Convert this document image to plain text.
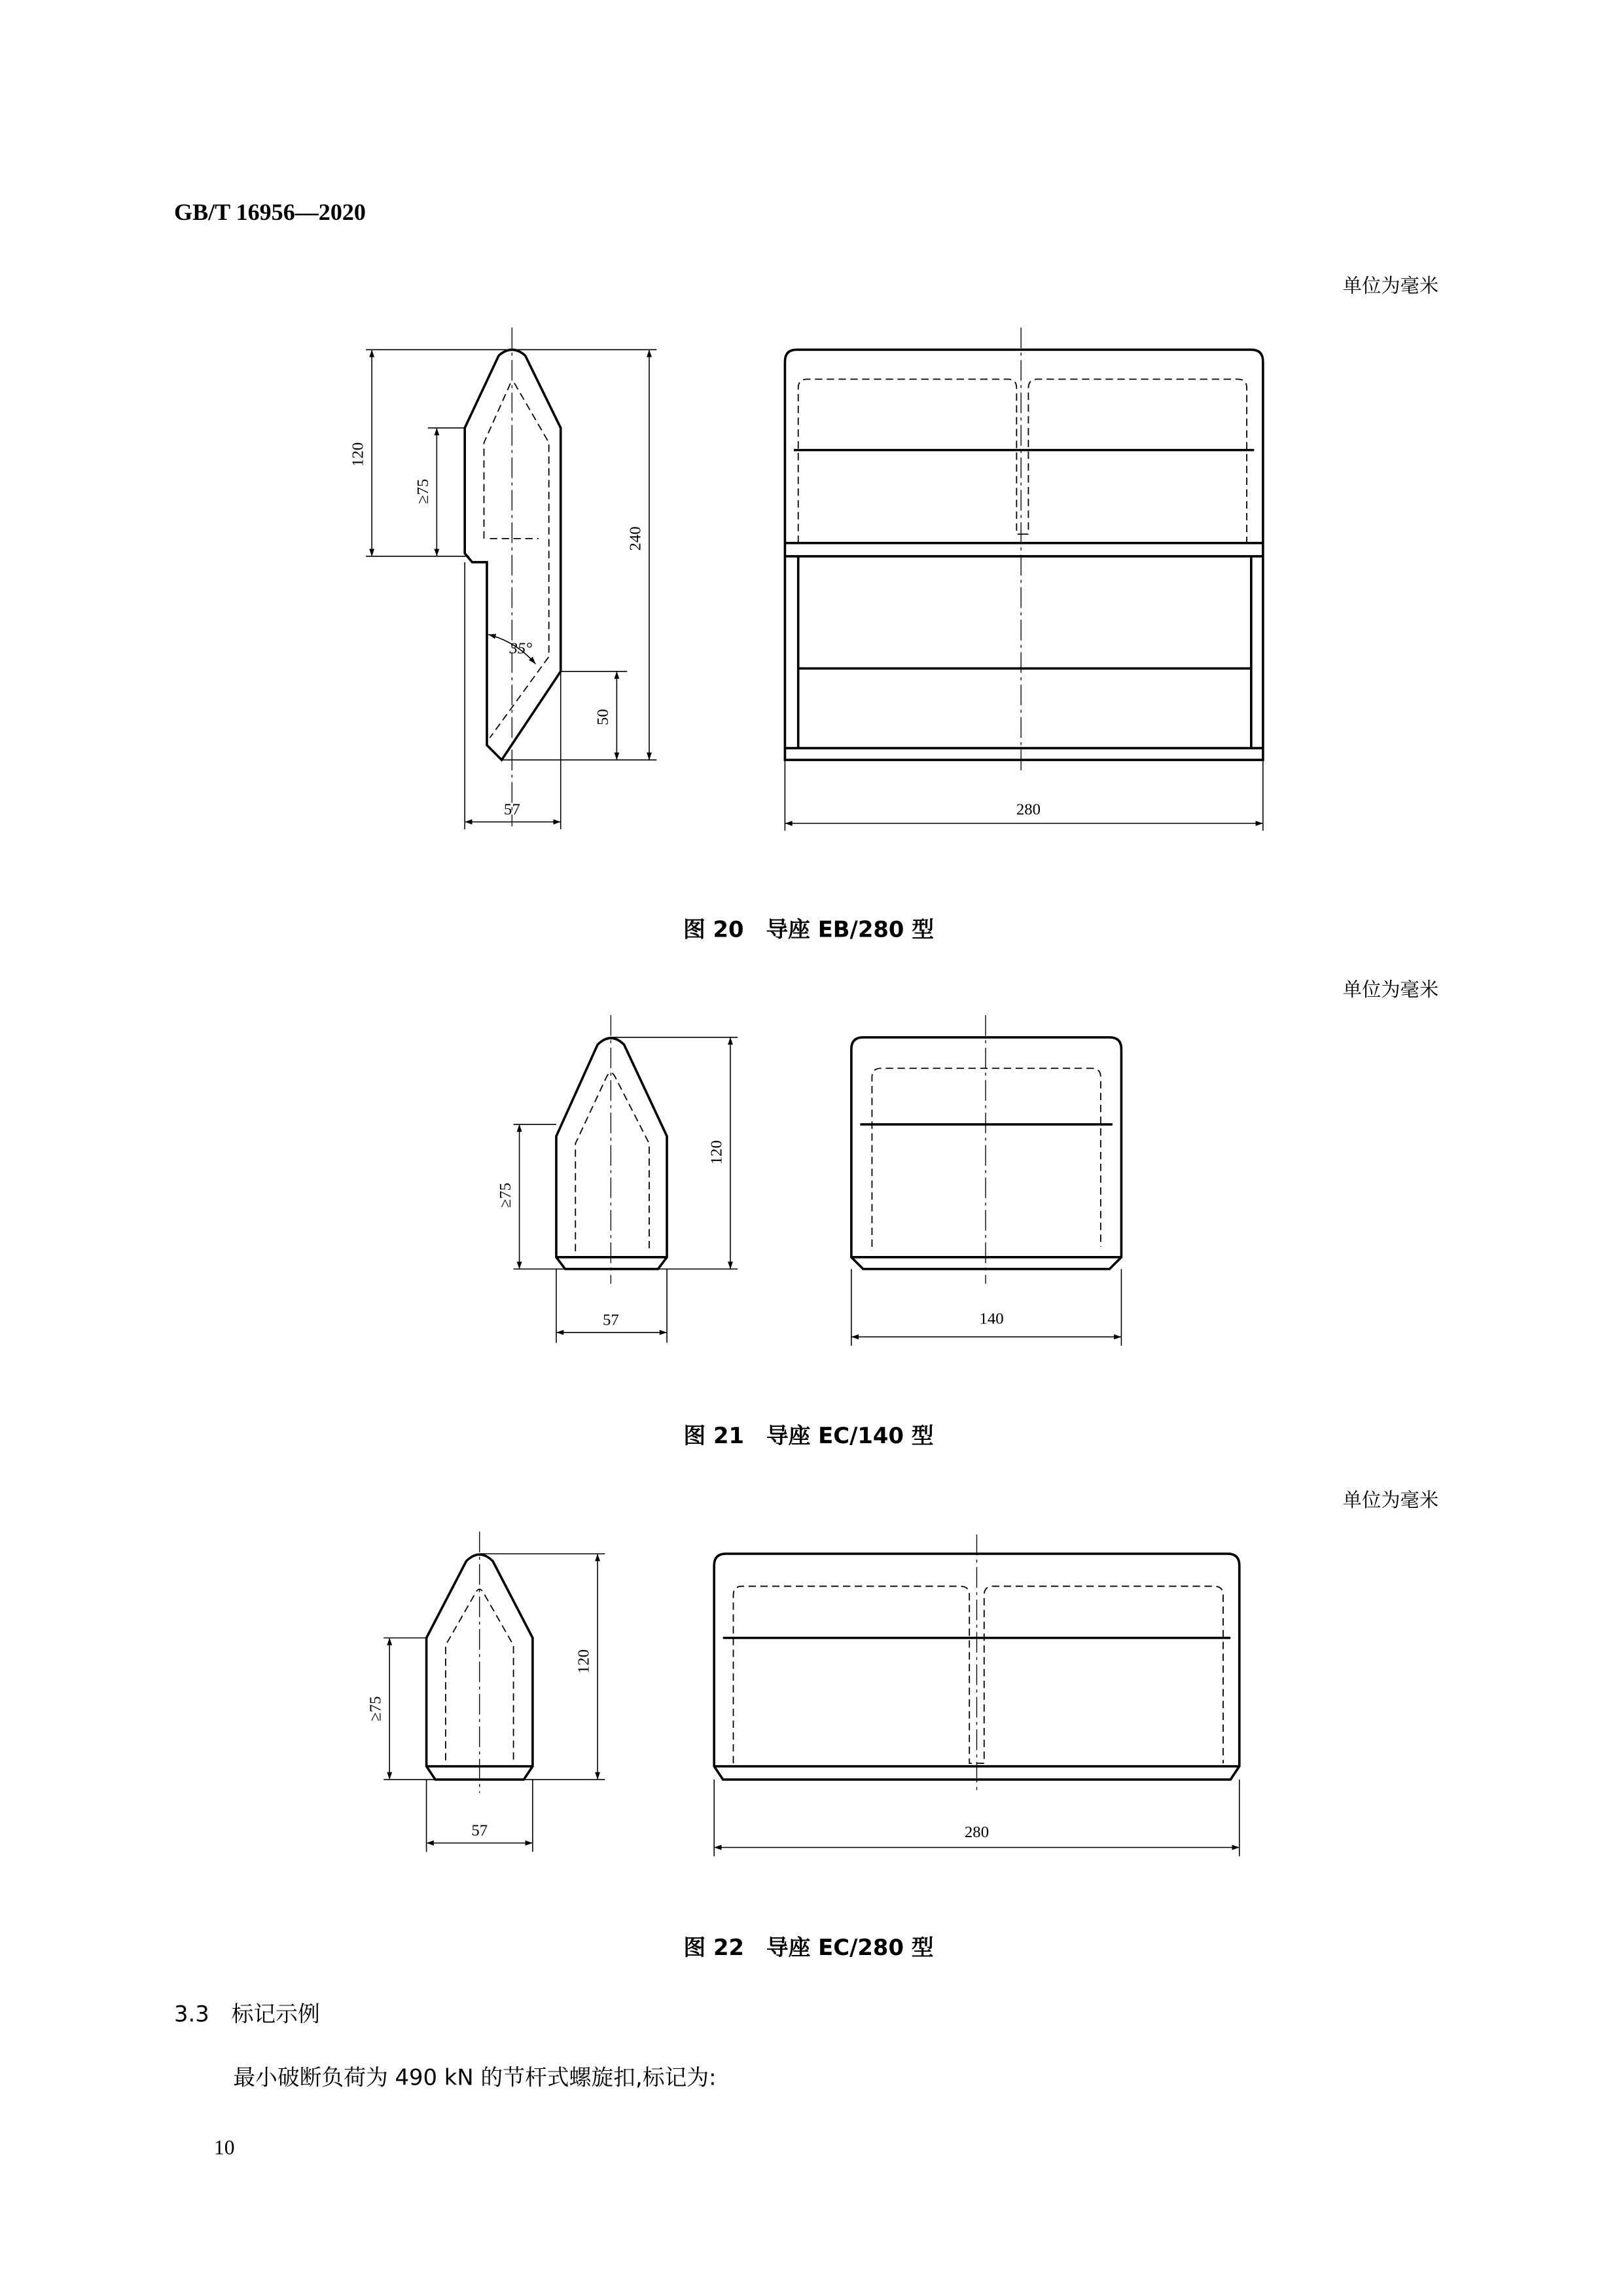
GB/T 16956—2020
单位为毫米
120
≥75
240
50
57
35°
280
图 20　导座 EB/280 型
单位为毫米
120
≥75
57	140
图 21　导座 EC/140 型
单位为毫米
120
≥75
57	280
图 22　导座 EC/280 型
3.3　标记示例
最小破断负荷为 490 kN 的节杆式螺旋扣,标记为:
10
